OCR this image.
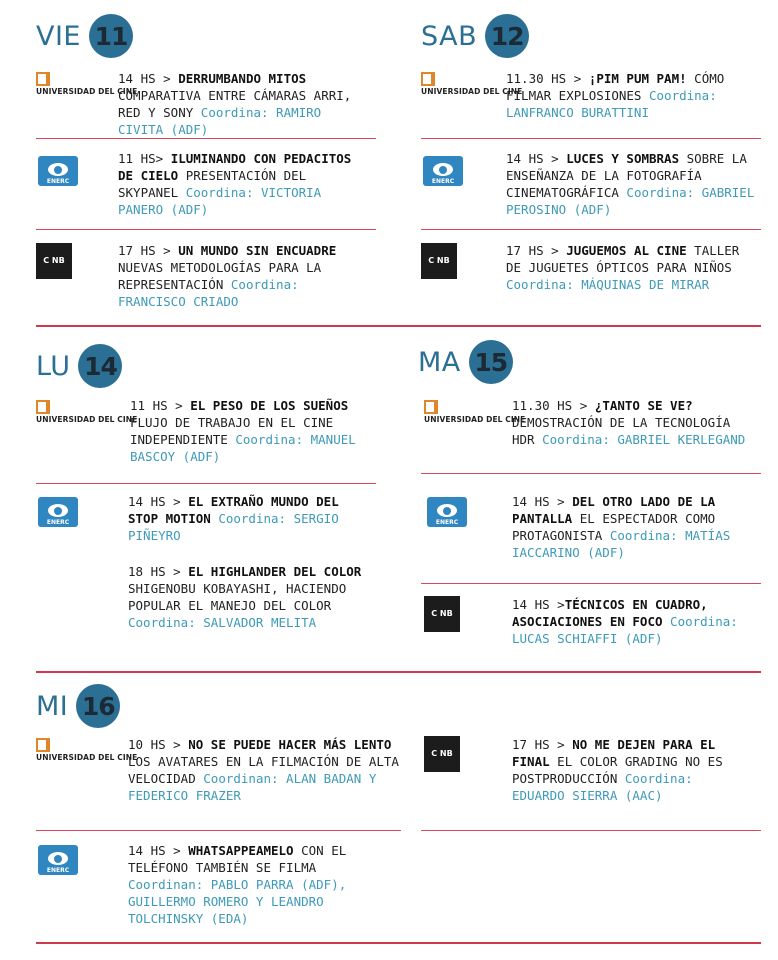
VIE 11
UNIVERSIDAD DEL CINE
14 HS > DERRUMBANDO MITOS COMPARATIVA ENTRE CÁMARAS ARRI, RED Y SONY Coordina: RAMIRO CIVITA (ADF)
ENERC
11 HS> ILUMINANDO CON PEDACITOS DE CIELO PRESENTACIÓN DEL SKYPANEL Coordina: VICTORIA PANERO (ADF)
C NB
17 HS > UN MUNDO SIN ENCUADRE NUEVAS METODOLOGÍAS PARA LA REPRESENTACIÓN Coordina: FRANCISCO CRIADO
SAB 12
UNIVERSIDAD DEL CINE
11.30 HS > ¡PIM PUM PAM! CÓMO FILMAR EXPLOSIONES Coordina: LANFRANCO BURATTINI
ENERC
14 HS > LUCES Y SOMBRAS SOBRE LA ENSEÑANZA DE LA FOTOGRAFÍA CINEMATOGRÁFICA Coordina: GABRIEL PEROSINO (ADF)
C NB
17 HS > JUGUEMOS AL CINE TALLER DE JUGUETES ÓPTICOS PARA NIÑOS Coordina: MÁQUINAS DE MIRAR
LU 14
UNIVERSIDAD DEL CINE
11 HS > EL PESO DE LOS SUEÑOS FLUJO DE TRABAJO EN EL CINE INDEPENDIENTE Coordina: MANUEL BASCOY (ADF)
ENERC
14 HS > EL EXTRAÑO MUNDO DEL STOP MOTION Coordina: SERGIO PIÑEYRO
18 HS > EL HIGHLANDER DEL COLOR SHIGENOBU KOBAYASHI, HACIENDO POPULAR EL MANEJO DEL COLOR Coordina: SALVADOR MELITA
MA 15
UNIVERSIDAD DEL CINE
11.30 HS > ¿TANTO SE VE? DEMOSTRACIÓN DE LA TECNOLOGÍA HDR Coordina: GABRIEL KERLEGAND
ENERC
14 HS > DEL OTRO LADO DE LA PANTALLA EL ESPECTADOR COMO PROTAGONISTA Coordina: MATÍAS IACCARINO (ADF)
C NB
14 HS >TÉCNICOS EN CUADRO, ASOCIACIONES EN FOCO Coordina: LUCAS SCHIAFFI (ADF)
MI 16
UNIVERSIDAD DEL CINE
10 HS > NO SE PUEDE HACER MÁS LENTO LOS AVATARES EN LA FILMACIÓN DE ALTA VELOCIDAD Coordinan: ALAN BADAN Y FEDERICO FRAZER
ENERC
14 HS > WHATSAPPEAMELO CON EL TELÉFONO TAMBIÉN SE FILMA Coordinan: PABLO PARRA (ADF), GUILLERMO ROMERO Y LEANDRO TOLCHINSKY (EDA)
C NB
17 HS > NO ME DEJEN PARA EL FINAL EL COLOR GRADING NO ES POSTPRODUCCIÓN Coordina: EDUARDO SIERRA (AAC)
